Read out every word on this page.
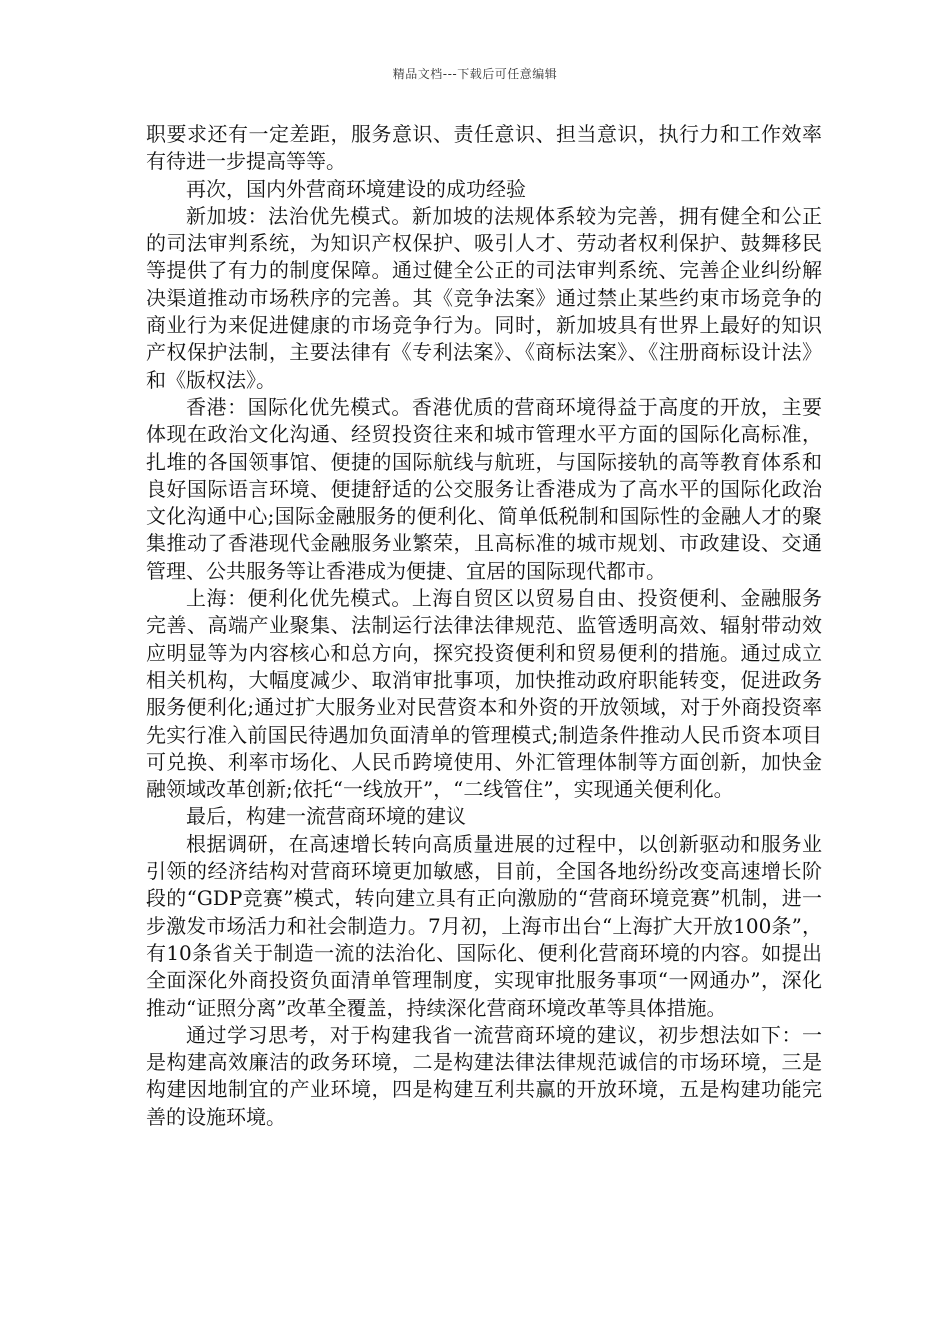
精品文档---下载后可任意编辑

职要求还有一定差距，服务意识、责任意识、担当意识，执行力和工作效率有待进一步提高等等。

再次，国内外营商环境建设的成功经验

新加坡：法治优先模式。新加坡的法规体系较为完善，拥有健全和公正的司法审判系统，为知识产权保护、吸引人才、劳动者权利保护、鼓舞移民等提供了有力的制度保障。通过健全公正的司法审判系统、完善企业纠纷解决渠道推动市场秩序的完善。其《竞争法案》通过禁止某些约束市场竞争的商业行为来促进健康的市场竞争行为。同时，新加坡具有世界上最好的知识产权保护法制，主要法律有《专利法案》、《商标法案》、《注册商标设计法》和《版权法》。

香港：国际化优先模式。香港优质的营商环境得益于高度的开放，主要体现在政治文化沟通、经贸投资往来和城市管理水平方面的国际化高标准，扎堆的各国领事馆、便捷的国际航线与航班，与国际接轨的高等教育体系和良好国际语言环境、便捷舒适的公交服务让香港成为了高水平的国际化政治文化沟通中心;国际金融服务的便利化、简单低税制和国际性的金融人才的聚集推动了香港现代金融服务业繁荣，且高标准的城市规划、市政建设、交通管理、公共服务等让香港成为便捷、宜居的国际现代都市。

上海：便利化优先模式。上海自贸区以贸易自由、投资便利、金融服务完善、高端产业聚集、法制运行法律法律规范、监管透明高效、辐射带动效应明显等为内容核心和总方向，探究投资便利和贸易便利的措施。通过成立相关机构，大幅度减少、取消审批事项，加快推动政府职能转变，促进政务服务便利化;通过扩大服务业对民营资本和外资的开放领域，对于外商投资率先实行准入前国民待遇加负面清单的管理模式;制造条件推动人民币资本项目可兑换、利率市场化、人民币跨境使用、外汇管理体制等方面创新，加快金融领域改革创新;依托“一线放开”，“二线管住”，实现通关便利化。

最后，构建一流营商环境的建议

根据调研，在高速增长转向高质量进展的过程中，以创新驱动和服务业引领的经济结构对营商环境更加敏感，目前，全国各地纷纷改变高速增长阶段的“GDP竞赛”模式，转向建立具有正向激励的“营商环境竞赛”机制，进一步激发市场活力和社会制造力。7月初，上海市出台“上海扩大开放100条”，有10条省关于制造一流的法治化、国际化、便利化营商环境的内容。如提出全面深化外商投资负面清单管理制度，实现审批服务事项“一网通办”，深化推动“证照分离”改革全覆盖，持续深化营商环境改革等具体措施。

通过学习思考，对于构建我省一流营商环境的建议，初步想法如下：一是构建高效廉洁的政务环境，二是构建法律法律规范诚信的市场环境，三是构建因地制宜的产业环境，四是构建互利共赢的开放环境，五是构建功能完善的设施环境。
